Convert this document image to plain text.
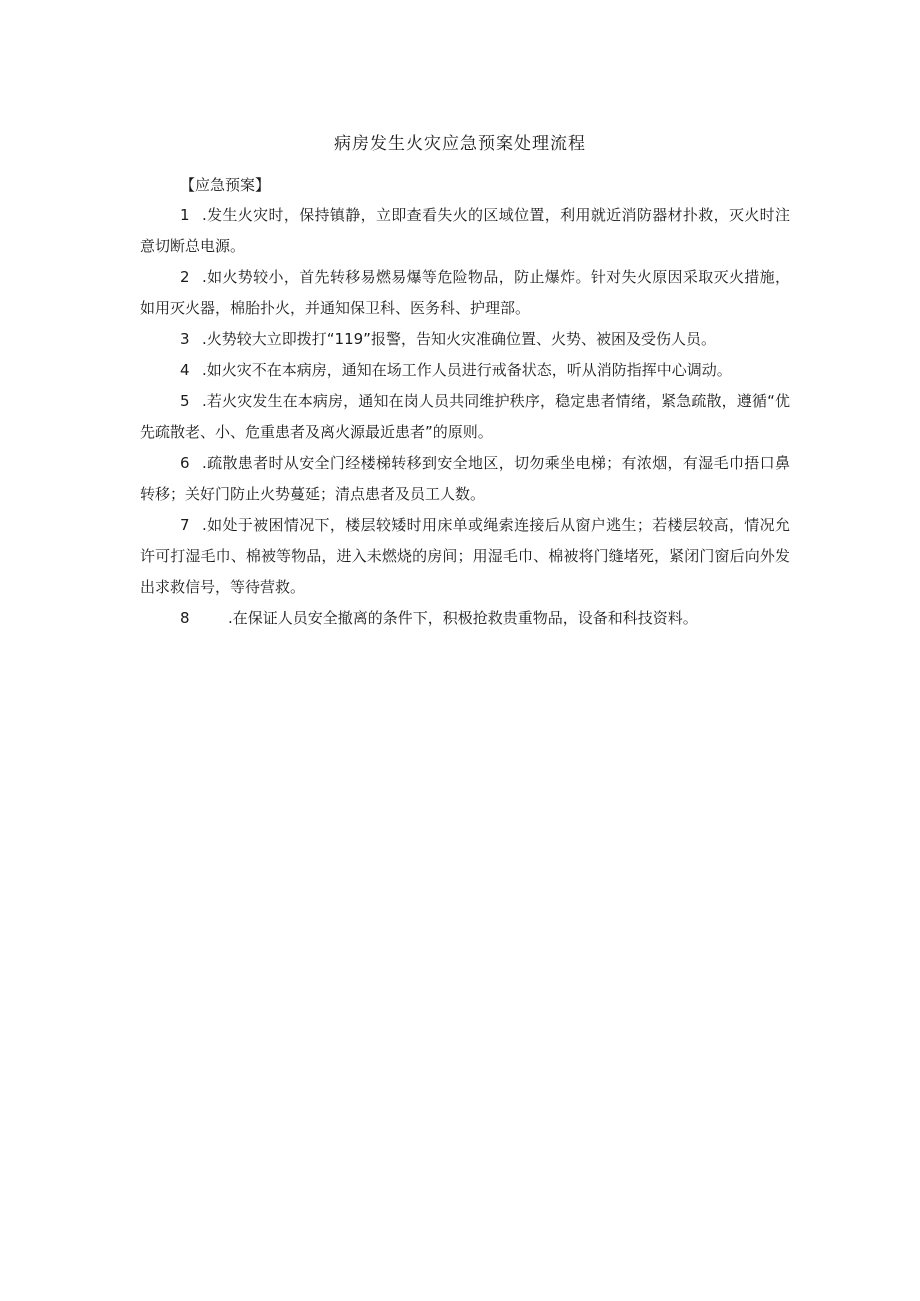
病房发生火灾应急预案处理流程
【应急预案】

1 .发生火灾时，保持镇静，立即查看失火的区域位置，利用就近消防器材扑救，灭火时注意切断总电源。

2 .如火势较小，首先转移易燃易爆等危险物品，防止爆炸。针对失火原因采取灭火措施，如用灭火器，棉胎扑火，并通知保卫科、医务科、护理部。

3 .火势较大立即拨打“119”报警，告知火灾准确位置、火势、被困及受伤人员。

4 .如火灾不在本病房，通知在场工作人员进行戒备状态，听从消防指挥中心调动。

5 .若火灾发生在本病房，通知在岗人员共同维护秩序，稳定患者情绪，紧急疏散，遵循“优先疏散老、小、危重患者及离火源最近患者”的原则。

6 .疏散患者时从安全门经楼梯转移到安全地区，切勿乘坐电梯；有浓烟，有湿毛巾捂口鼻转移；关好门防止火势蔓延；清点患者及员工人数。

7 .如处于被困情况下，楼层较矮时用床单或绳索连接后从窗户逃生；若楼层较高，情况允许可打湿毛巾、棉被等物品，进入未燃烧的房间；用湿毛巾、棉被将门缝堵死，紧闭门窗后向外发出求救信号，等待营救。

8	.在保证人员安全撤离的条件下，积极抢救贵重物品，设备和科技资料。
